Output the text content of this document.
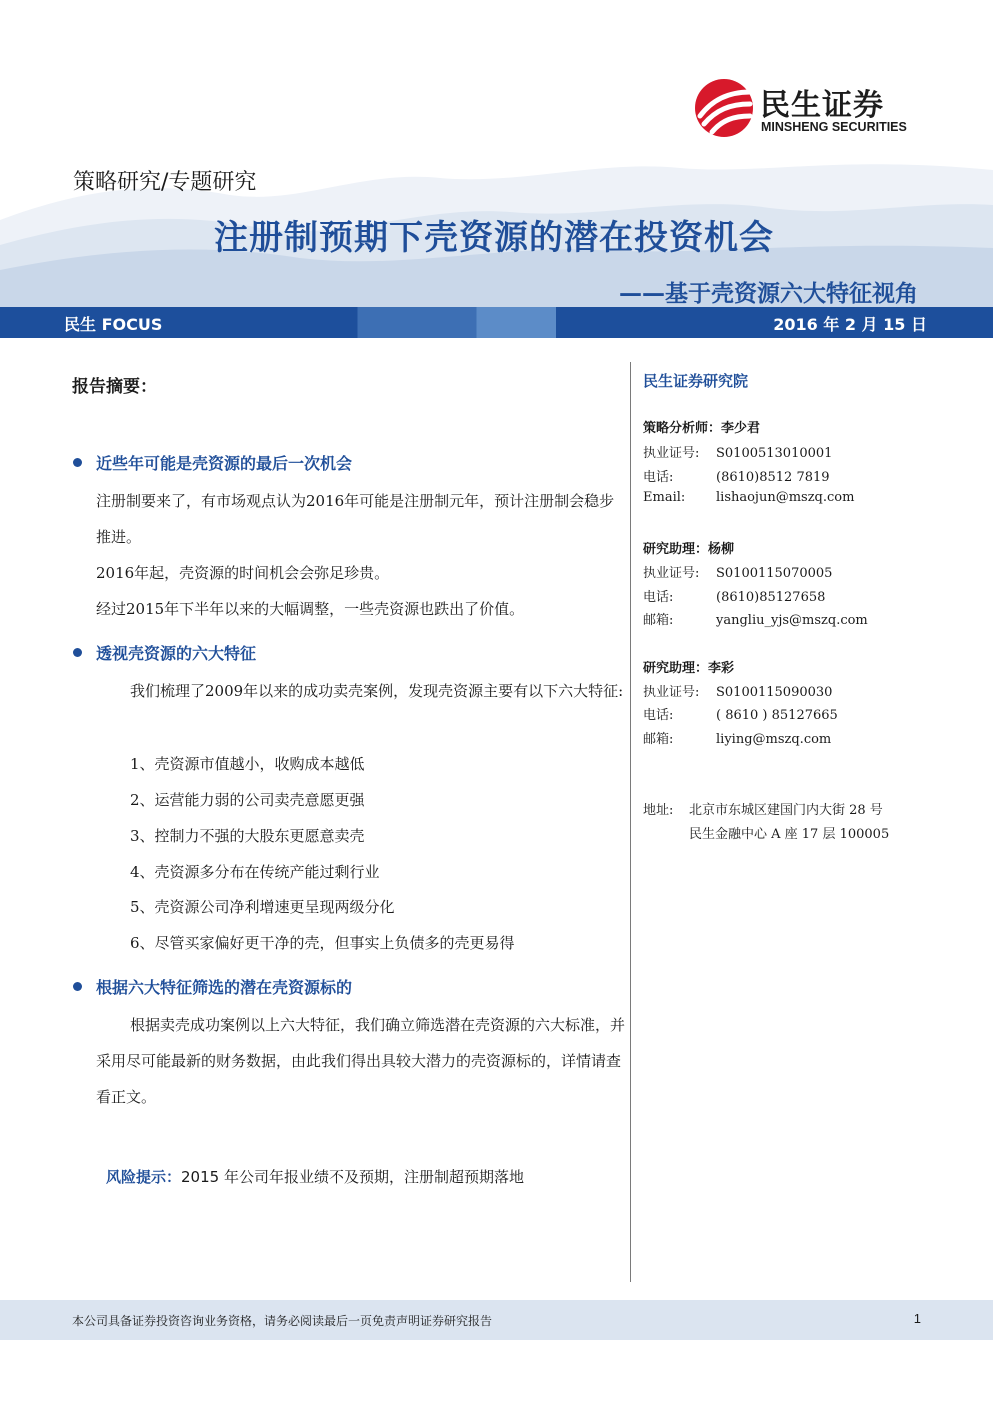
民生证券
MINSHENG SECURITIES
策略研究/专题研究
注册制预期下壳资源的潜在投资机会
——基于壳资源六大特征视角
民生 FOCUS	2016 年 2 月 15 日
报告摘要：
近些年可能是壳资源的最后一次机会
注册制要来了，有市场观点认为2016年可能是注册制元年，预计注册制会稳步推进。
2016年起，壳资源的时间机会会弥足珍贵。
经过2015年下半年以来的大幅调整，一些壳资源也跌出了价值。
透视壳资源的六大特征
我们梳理了2009年以来的成功卖壳案例，发现壳资源主要有以下六大特征:
1、壳资源市值越小，收购成本越低
2、运营能力弱的公司卖壳意愿更强
3、控制力不强的大股东更愿意卖壳
4、壳资源多分布在传统产能过剩行业
5、壳资源公司净利增速更呈现两级分化
6、尽管买家偏好更干净的壳，但事实上负债多的壳更易得
根据六大特征筛选的潜在壳资源标的
根据卖壳成功案例以上六大特征，我们确立筛选潜在壳资源的六大标准，并采用尽可能最新的财务数据，由此我们得出具较大潜力的壳资源标的，详情请查看正文。
风险提示：2015 年公司年报业绩不及预期，注册制超预期落地
民生证券研究院
策略分析师：李少君
执业证号: S0100513010001
电话:	(8610)8512 7819
Email: lishaojun@mszq.com
研究助理：杨柳
执业证号: S0100115070005
电话:	(8610)85127658
邮箱:	yangliu_yjs@mszq.com
研究助理：李彩
执业证号: S0100115090030
电话:	( 8610 ) 85127665
邮箱:	liying@mszq.com
地址: 北京市东城区建国门内大街 28 号
民生金融中心 A 座 17 层 100005
本公司具备证券投资咨询业务资格，请务必阅读最后一页免责声明证券研究报告	1
